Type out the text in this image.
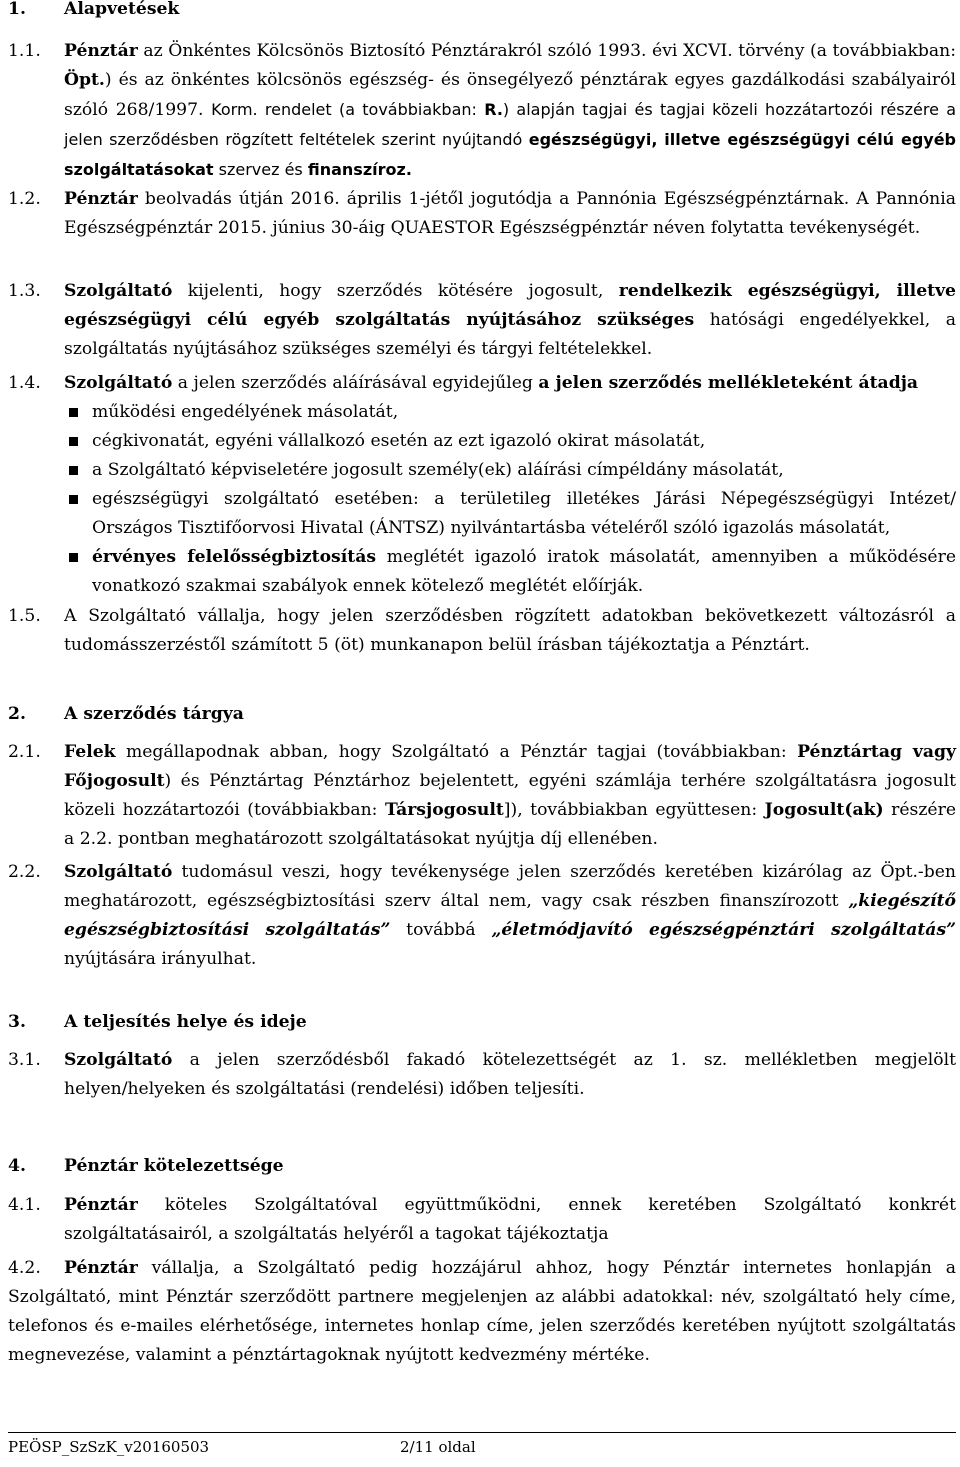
1. Alapvetések
1.1.	Pénztár az Önkéntes Kölcsönös Biztosító Pénztárakról szóló 1993. évi XCVI. törvény (a továbbiakban: Öpt.) és az önkéntes kölcsönös egészség- és önsegélyező pénztárak egyes gazdálkodási szabályairól szóló 268/1997. Korm. rendelet (a továbbiakban: R.) alapján tagjai és tagjai közeli hozzátartozói részére a jelen szerződésben rögzített feltételek szerint nyújtandó egészségügyi, illetve egészségügyi célú egyéb szolgáltatásokat szervez és finanszíroz.
1.2.	Pénztár beolvadás útján 2016. április 1-jétől jogutódja a Pannónia Egészségpénztárnak. A Pannónia Egészségpénztár 2015. június 30-áig QUAESTOR Egészségpénztár néven folytatta tevékenységét.
1.3.	Szolgáltató kijelenti, hogy szerződés kötésére jogosult, rendelkezik egészségügyi, illetve egészségügyi célú egyéb szolgáltatás nyújtásához szükséges hatósági engedélyekkel, a szolgáltatás nyújtásához szükséges személyi és tárgyi feltételekkel.
1.4.	Szolgáltató a jelen szerződés aláírásával egyidejűleg a jelen szerződés mellékleteként átadja
működési engedélyének másolatát,
cégkivonatát, egyéni vállalkozó esetén az ezt igazoló okirat másolatát,
a Szolgáltató képviseletére jogosult személy(ek) aláírási címpéldány másolatát,
egészségügyi szolgáltató esetében: a területileg illetékes Járási Népegészségügyi Intézet/ Országos Tisztifőorvosi Hivatal (ÁNTSZ) nyilvántartásba vételéről szóló igazolás másolatát,
érvényes felelősségbiztosítás meglétét igazoló iratok másolatát, amennyiben a működésére vonatkozó szakmai szabályok ennek kötelező meglétét előírják.
1.5.	A Szolgáltató vállalja, hogy jelen szerződésben rögzített adatokban bekövetkezett változásról a tudomásszerzéstől számított 5 (öt) munkanapon belül írásban tájékoztatja a Pénztárt.
2. A szerződés tárgya
2.1.	Felek megállapodnak abban, hogy Szolgáltató a Pénztár tagjai (továbbiakban: Pénztártag vagy Főjogosult) és Pénztártag Pénztárhoz bejelentett, egyéni számlája terhére szolgáltatásra jogosult közeli hozzátartozói (továbbiakban: Társjogosult]), továbbiakban együttesen: Jogosult(ak) részére a 2.2. pontban meghatározott szolgáltatásokat nyújtja díj ellenében.
2.2.	Szolgáltató tudomásul veszi, hogy tevékenysége jelen szerződés keretében kizárólag az Öpt.-ben meghatározott, egészségbiztosítási szerv által nem, vagy csak részben finanszírozott „kiegészítő egészségbiztosítási szolgáltatás” továbbá „életmódjavító egészségpénztári szolgáltatás” nyújtására irányulhat.
3. A teljesítés helye és ideje
3.1.	Szolgáltató a jelen szerződésből fakadó kötelezettségét az 1. sz. mellékletben megjelölt helyen/helyeken és szolgáltatási (rendelési) időben teljesíti.
4. Pénztár kötelezettsége
4.1.	Pénztár köteles Szolgáltatóval együttműködni, ennek keretében Szolgáltató konkrét szolgáltatásairól, a szolgáltatás helyéről a tagokat tájékoztatja
4.2. Pénztár vállalja, a Szolgáltató pedig hozzájárul ahhoz, hogy Pénztár internetes honlapján a Szolgáltató, mint Pénztár szerződött partnere megjelenjen az alábbi adatokkal: név, szolgáltató hely címe, telefonos és e-mailes elérhetősége, internetes honlap címe, jelen szerződés keretében nyújtott szolgáltatás megnevezése, valamint a pénztártagoknak nyújtott kedvezmény mértéke.
PEÖSP_SzSzK_v20160503	2/11 oldal
